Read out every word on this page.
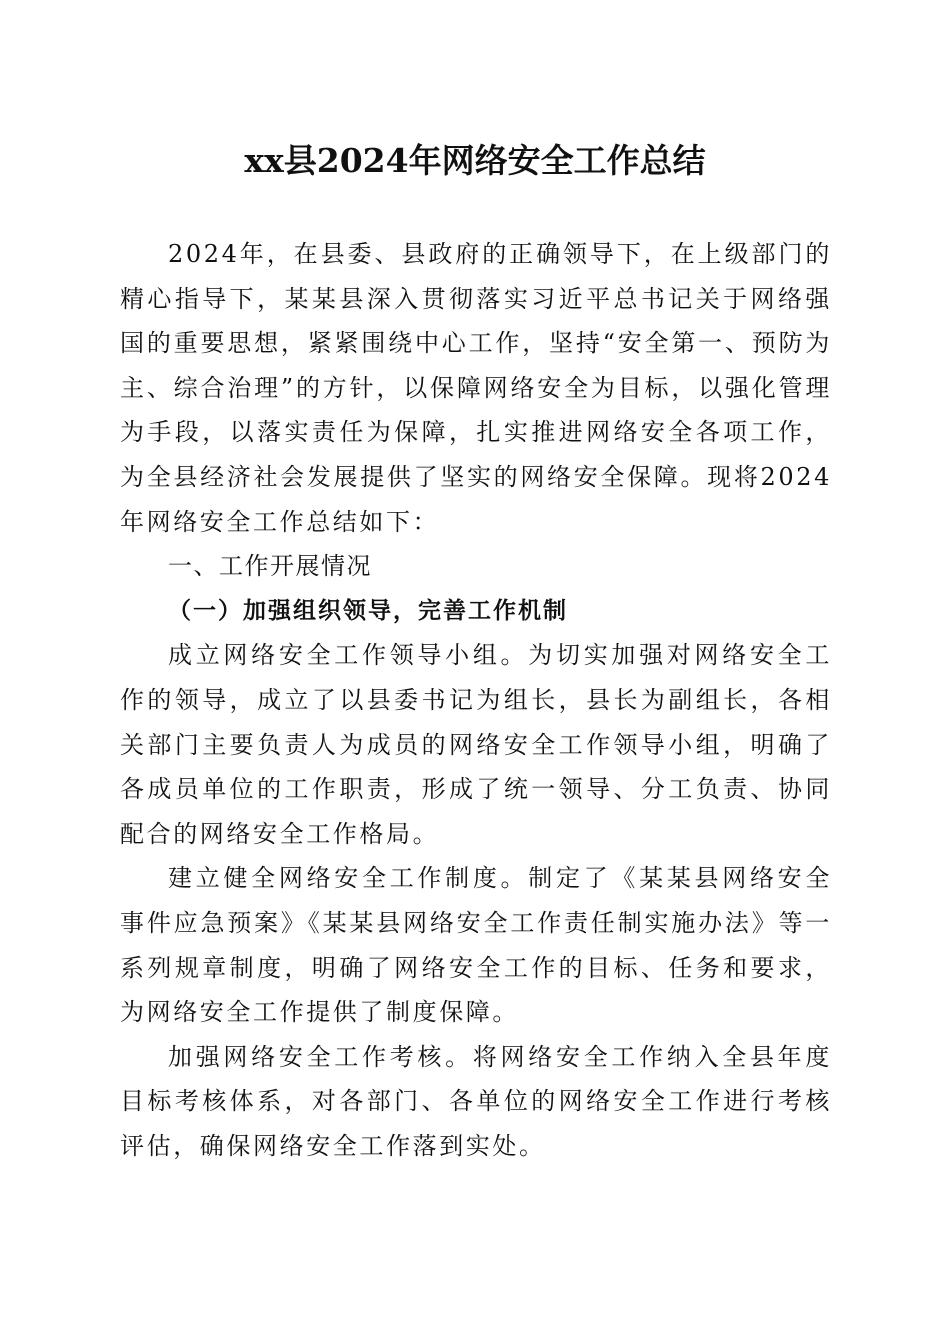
xx县2024年网络安全工作总结

2024年，在县委、县政府的正确领导下，在上级部门的精心指导下，某某县深入贯彻落实习近平总书记关于网络强国的重要思想，紧紧围绕中心工作，坚持“安全第一、预防为主、综合治理”的方针，以保障网络安全为目标，以强化管理为手段，以落实责任为保障，扎实推进网络安全各项工作，为全县经济社会发展提供了坚实的网络安全保障。现将2024年网络安全工作总结如下：

一、工作开展情况

（一）加强组织领导，完善工作机制

成立网络安全工作领导小组。为切实加强对网络安全工作的领导，成立了以县委书记为组长，县长为副组长，各相关部门主要负责人为成员的网络安全工作领导小组，明确了各成员单位的工作职责，形成了统一领导、分工负责、协同配合的网络安全工作格局。

建立健全网络安全工作制度。制定了《某某县网络安全事件应急预案》《某某县网络安全工作责任制实施办法》等一系列规章制度，明确了网络安全工作的目标、任务和要求，为网络安全工作提供了制度保障。

加强网络安全工作考核。将网络安全工作纳入全县年度目标考核体系，对各部门、各单位的网络安全工作进行考核评估，确保网络安全工作落到实处。
